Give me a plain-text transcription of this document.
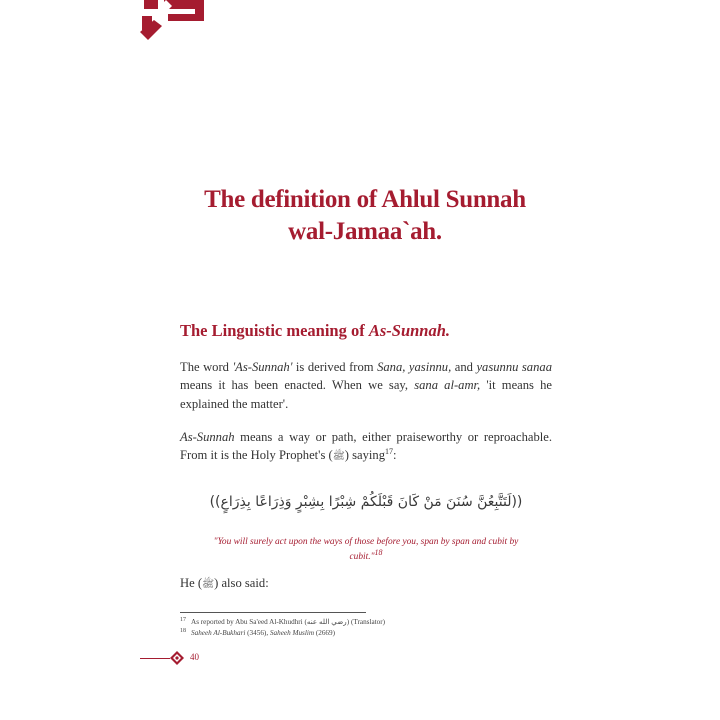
The definition of Ahlul Sunnah
wal-Jamaa`ah.
The Linguistic meaning of As-Sunnah.
The word 'As-Sunnah' is derived from Sana, yasinnu, and yasunnu sanaa means it has been enacted. When we say, sana al-amr, 'it means he explained the matter'.
As-Sunnah means a way or path, either praiseworthy or reproachable. From it is the Holy Prophet's (ﷺ) saying$^{17}$:
((لَتَتَّبِعُنَّ سُنَنَ مَنْ كَانَ قَبْلَكُمْ شِبْرًا بِشِبْرٍ وَذِرَاعًا بِذِرَاعٍ))
"You will surely act upon the ways of those before you, span by span and cubit by cubit."18
He (ﷺ) also said:
$^{17}$ As reported by Abu Sa'eed Al-Khudhri (رضي الله عنه) (Translator)
$^{18}$ Saheeh Al-Bukhari (3456), Saheeh Muslim (2669)
40
